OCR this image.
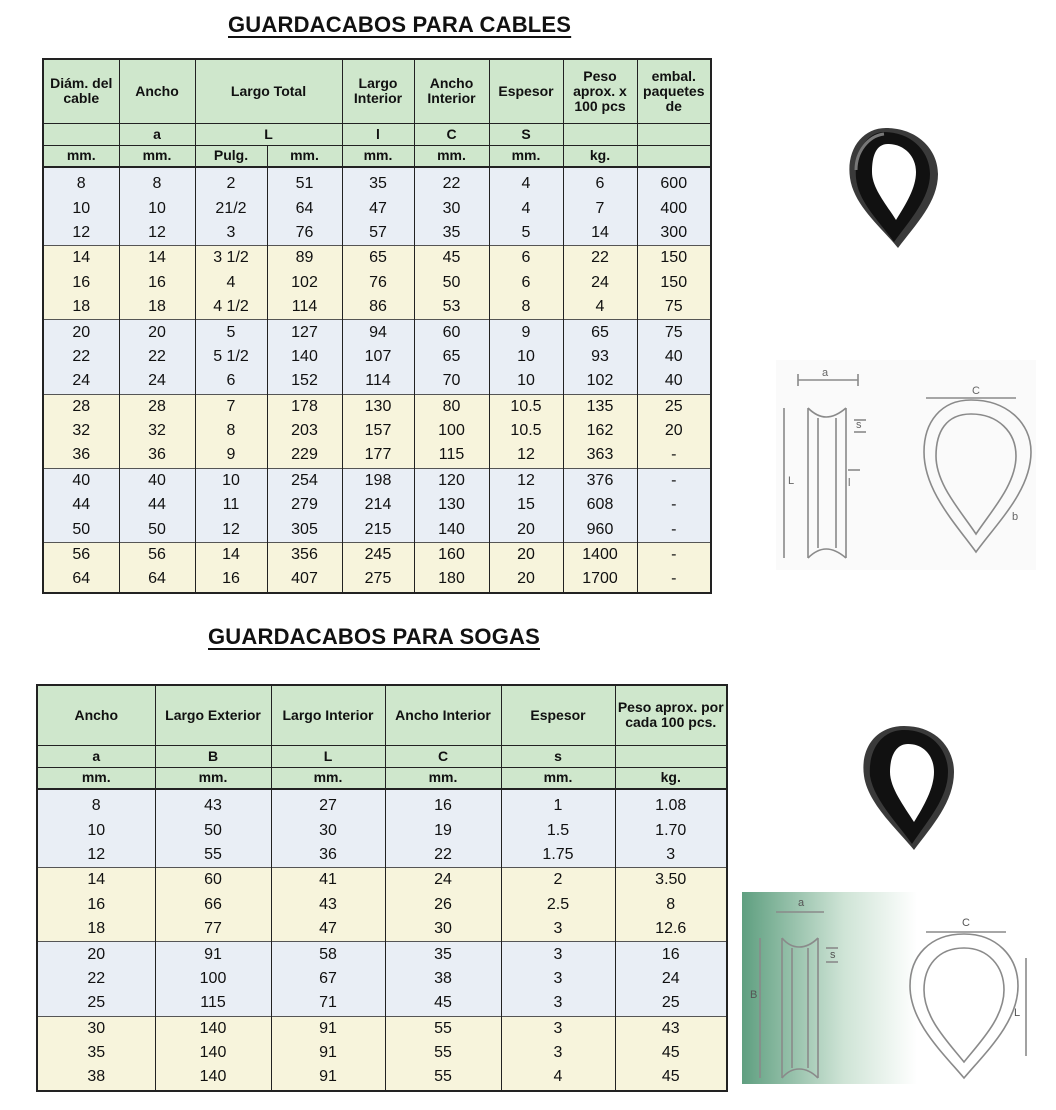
GUARDACABOS PARA CABLES
Diám. del cable	Ancho	Largo Total		Largo Interior	Ancho Interior	Espesor	Peso aprox. x 100 pcs	embal. paquetes de
	a	L		l	C	S		
mm.	mm.	Pulg.	mm.	mm.	mm.	mm.	kg.	
8	8	2	51	35	22	4	6	600
10	10	21/2	64	47	30	4	7	400
12	12	3	76	57	35	5	14	300
14	14	3 1/2	89	65	45	6	22	150
16	16	4	102	76	50	6	24	150
18	18	4 1/2	114	86	53	8	4	75
20	20	5	127	94	60	9	65	75
22	22	5 1/2	140	107	65	10	93	40
24	24	6	152	114	70	10	102	40
28	28	7	178	130	80	10.5	135	25
32	32	8	203	157	100	10.5	162	20
36	36	9	229	177	115	12	363	-
40	40	10	254	198	120	12	376	-
44	44	11	279	214	130	15	608	-
50	50	12	305	215	140	20	960	-
56	56	14	356	245	160	20	1400	-
64	64	16	407	275	180	20	1700	-
a
C
L	l
s
b
GUARDACABOS PARA SOGAS
Ancho	Largo Exterior	Largo Interior	Ancho Interior	Espesor	Peso aprox. por cada 100 pcs.
a	B	L	C	s	
mm.	mm.	mm.	mm.	mm.	kg.
8	43	27	16	1	1.08
10	50	30	19	1.5	1.70
12	55	36	22	1.75	3
14	60	41	24	2	3.50
16	66	43	26	2.5	8
18	77	47	30	3	12.6
20	91	58	35	3	16
22	100	67	38	3	24
25	115	71	45	3	25
30	140	91	55	3	43
35	140	91	55	3	45
38	140	91	55	4	45
a
C
B
L
s
